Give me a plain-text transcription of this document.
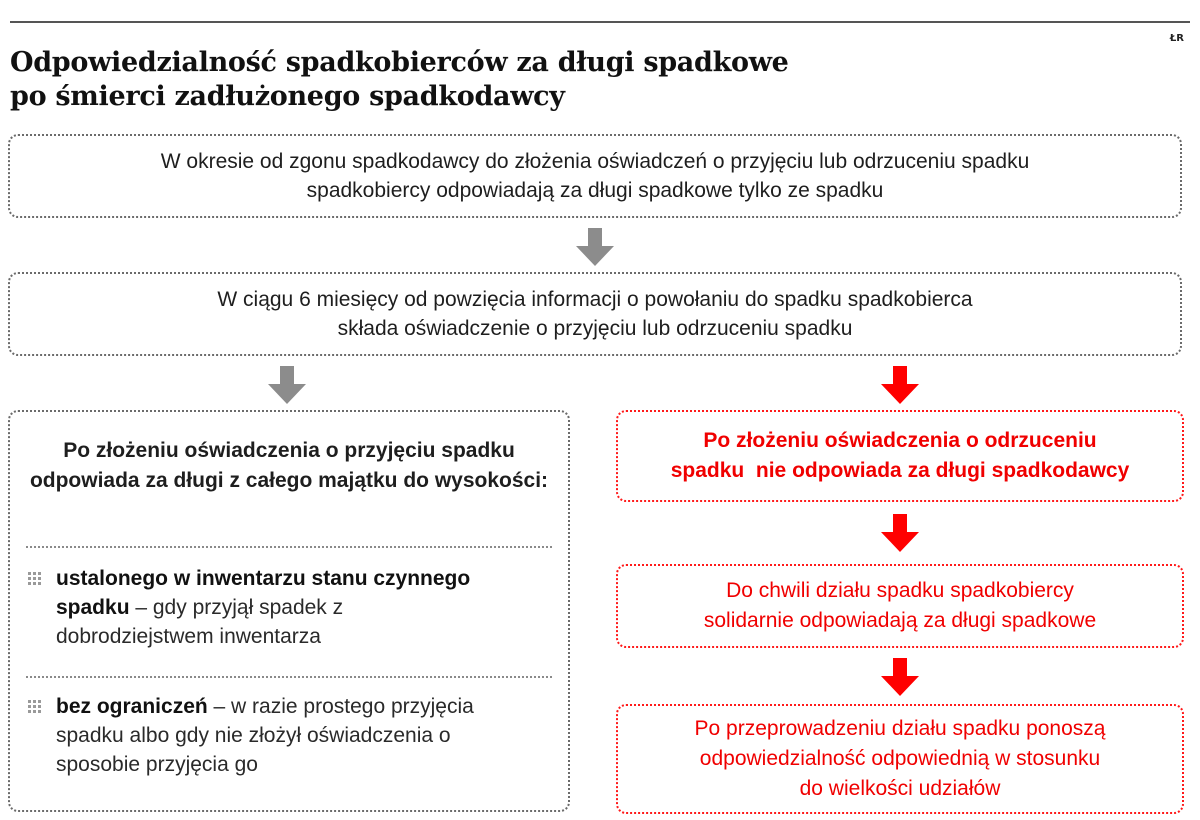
ŁR
Odpowiedzialność spadkobierców za długi spadkowe
po śmierci zadłużonego spadkodawcy
W okresie od zgonu spadkodawcy do złożenia oświadczeń o przyjęciu lub odrzuceniu spadku
spadkobiercy odpowiadają za długi spadkowe tylko ze spadku
W ciągu 6 miesięcy od powzięcia informacji o powołaniu do spadku spadkobierca
składa oświadczenie o przyjęciu lub odrzuceniu spadku
Po złożeniu oświadczenia o przyjęciu spadku odpowiada za długi z całego majątku do wysokości:
ustalonego w inwentarzu stanu czynnego spadku – gdy przyjął spadek z dobrodziejstwem inwentarza
bez ograniczeń – w razie prostego przyjęcia spadku albo gdy nie złożył oświadczenia o sposobie przyjęcia go
Po złożeniu oświadczenia o odrzuceniu
spadku  nie odpowiada za długi spadkodawcy
Do chwili działu spadku spadkobiercy
solidarnie odpowiadają za długi spadkowe
Po przeprowadzeniu działu spadku ponoszą
odpowiedzialność odpowiednią w stosunku
do wielkości udziałów
